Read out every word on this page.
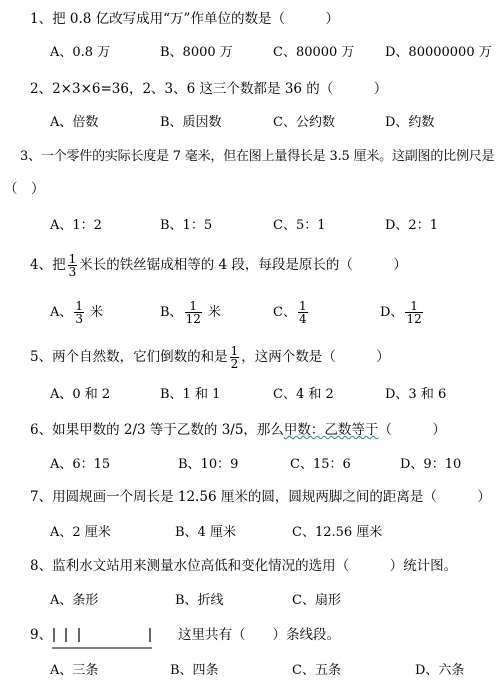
1、把 0.8 亿改写成用“万”作单位的数是（　　　）
A、0.8 万	B、8000 万	C、80000 万 D、80000000 万
2、2×3×6=36，2、3、6 这三个数都是 36 的（　　　）
A、倍数	B、质因数	C、公约数	D、约数
3、一个零件的实际长度是 7 毫米，但在图上量得长是 3.5 厘米。这副图的比例尺是
（　）
A、1：2	B、1：5	C、5：1	D、2：1
4、把 $\frac{1}{3}$ 米长的铁丝锯成相等的 4 段，每段是原长的（　　　）
A、 $\frac{1}{3}$ 米	B、 $\frac{1}{12}$ 米	C、 $\frac{1}{4}$	D、 $\frac{1}{12}$
5、两个自然数，它们倒数的和是 $\frac{1}{2}$ ，这两个数是（　　　）
A、0 和 2	B、1 和 1	C、4 和 2	D、3 和 6
6、如果甲数的 2/3 等于乙数的 3/5，那么甲数：乙数等于（　　　）
A、6：15	B、10：9	C、15：6	D、9：10
7、用圆规画一个周长是 12.56 厘米的圆，圆规两脚之间的距离是（　　　）
A、2 厘米	B、4 厘米	C、12.56 厘米
8、监利水文站用来测量水位高低和变化情况的选用（　　　）统计图。
A、条形	B、折线	C、扇形
9、	这里共有（　　）条线段。
A、三条	B、四条	C、五条	D、六条
